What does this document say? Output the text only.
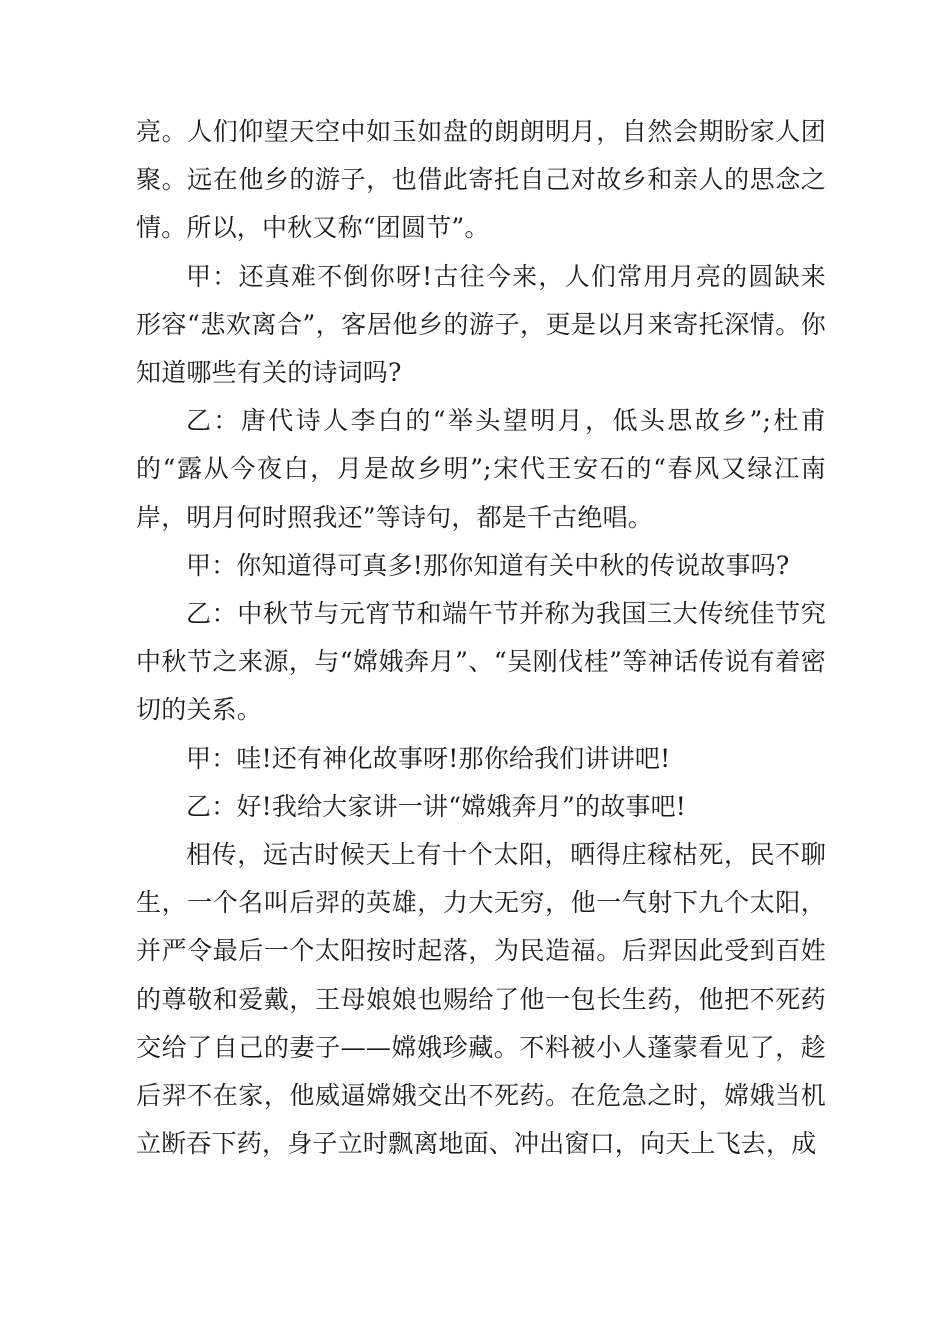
亮。人们仰望天空中如玉如盘的朗朗明月，自然会期盼家人团聚。远在他乡的游子，也借此寄托自己对故乡和亲人的思念之情。所以，中秋又称“团圆节”。

甲：还真难不倒你呀!古往今来，人们常用月亮的圆缺来形容“悲欢离合”，客居他乡的游子，更是以月来寄托深情。你知道哪些有关的诗词吗?

乙：唐代诗人李白的“举头望明月，低头思故乡”;杜甫的“露从今夜白，月是故乡明”;宋代王安石的“春风又绿江南岸，明月何时照我还”等诗句，都是千古绝唱。

甲：你知道得可真多!那你知道有关中秋的传说故事吗?

乙：中秋节与元宵节和端午节并称为我国三大传统佳节究中秋节之来源，与“嫦娥奔月”、“吴刚伐桂”等神话传说有着密切的关系。

甲：哇!还有神化故事呀!那你给我们讲讲吧!

乙：好!我给大家讲一讲“嫦娥奔月”的故事吧!

相传，远古时候天上有十个太阳，晒得庄稼枯死，民不聊生，一个名叫后羿的英雄，力大无穷，他一气射下九个太阳，并严令最后一个太阳按时起落，为民造福。后羿因此受到百姓的尊敬和爱戴，王母娘娘也赐给了他一包长生药，他把不死药交给了自己的妻子——嫦娥珍藏。不料被小人蓬蒙看见了，趁后羿不在家，他威逼嫦娥交出不死药。在危急之时，嫦娥当机立断吞下药，身子立时飘离地面、冲出窗口，向天上飞去，成
